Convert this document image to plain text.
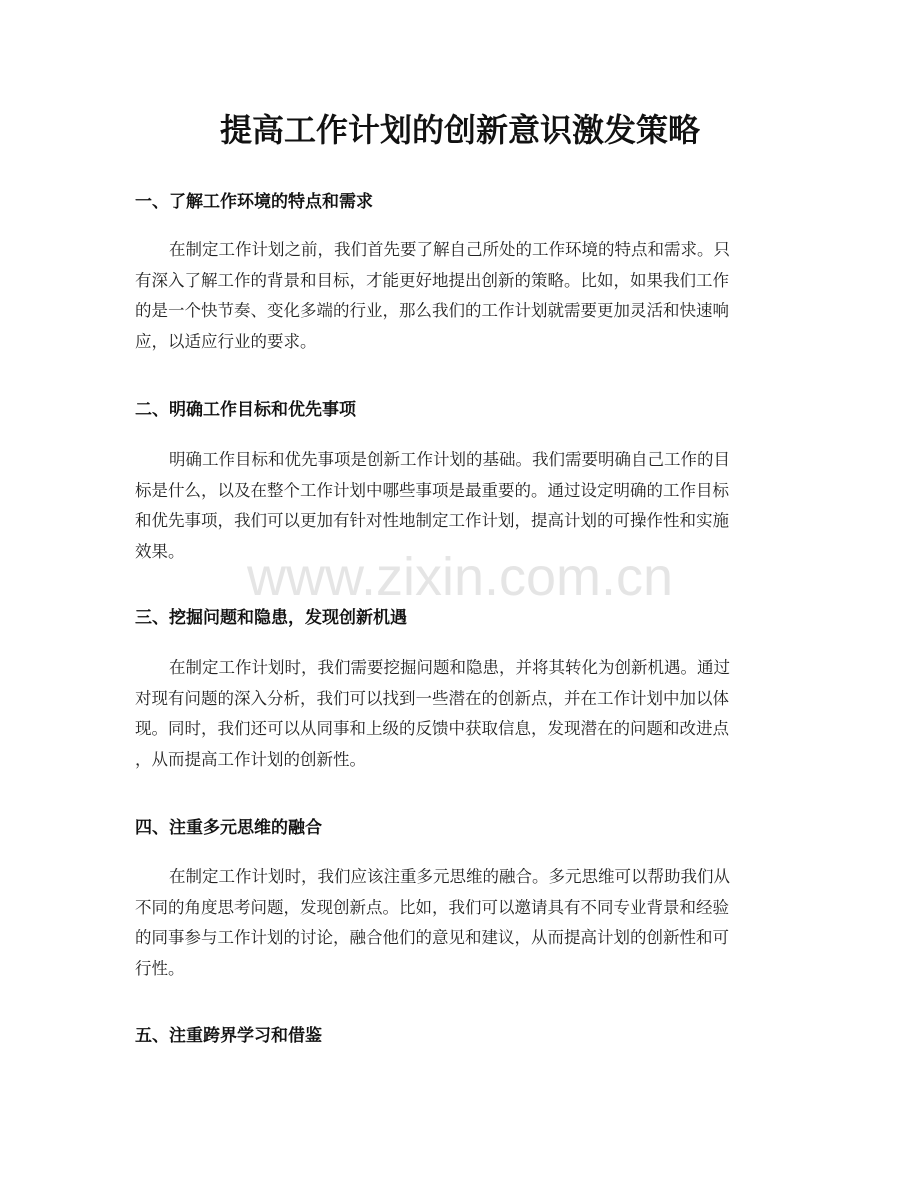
提高工作计划的创新意识激发策略
一、了解工作环境的特点和需求

在制定工作计划之前，我们首先要了解自己所处的工作环境的特点和需求。只
有深入了解工作的背景和目标，才能更好地提出创新的策略。比如，如果我们工作
的是一个快节奏、变化多端的行业，那么我们的工作计划就需要更加灵活和快速响
应，以适应行业的要求。

二、明确工作目标和优先事项

明确工作目标和优先事项是创新工作计划的基础。我们需要明确自己工作的目
标是什么，以及在整个工作计划中哪些事项是最重要的。通过设定明确的工作目标
和优先事项，我们可以更加有针对性地制定工作计划，提高计划的可操作性和实施
效果。

三、挖掘问题和隐患，发现创新机遇

在制定工作计划时，我们需要挖掘问题和隐患，并将其转化为创新机遇。通过
对现有问题的深入分析，我们可以找到一些潜在的创新点，并在工作计划中加以体
现。同时，我们还可以从同事和上级的反馈中获取信息，发现潜在的问题和改进点
，从而提高工作计划的创新性。

四、注重多元思维的融合

在制定工作计划时，我们应该注重多元思维的融合。多元思维可以帮助我们从
不同的角度思考问题，发现创新点。比如，我们可以邀请具有不同专业背景和经验
的同事参与工作计划的讨论，融合他们的意见和建议，从而提高计划的创新性和可
行性。

五、注重跨界学习和借鉴
www.zixin.com.cn
